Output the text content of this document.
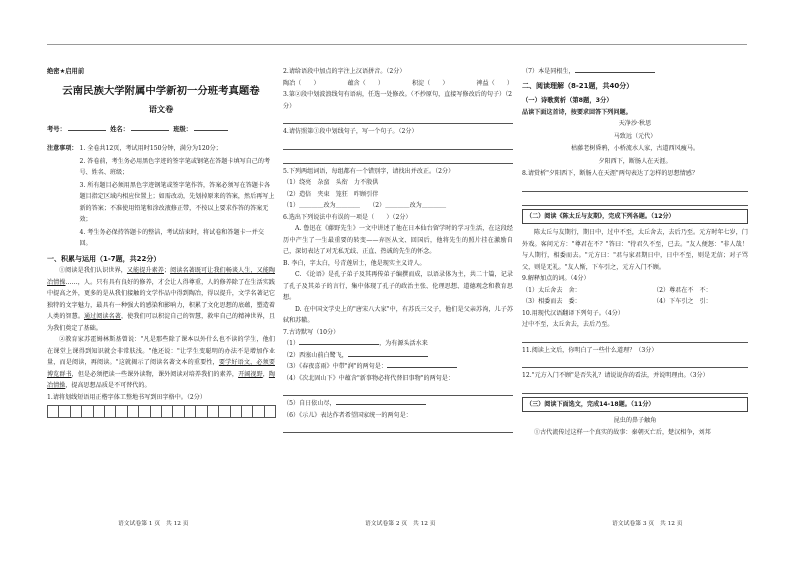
绝密★启用前
云南民族大学附属中学新初一分班考真题卷
语文卷
考号：	姓名：	班级：
注意事项： 1. 全卷共12页，考试用时150分钟，满分为120分；
2. 答卷前，考生务必用黑色字迹的签字笔或钢笔在答题卡填写自己的考号、姓名、班级；
3. 所有题目必须用黑色字迹钢笔或签字笔作答，答案必须写在答题卡各题目指定区域内相应位置上；如需改动，先划掉原来的答案，然后再写上新的答案；不准使用铅笔和涂改液修正带，不按以上要求作答的答案无效；
4. 考生务必保持答题卡的整洁，考试结束时，将试卷和答题卡一并交回。
一、积累与运用（1-7题，共22分）
①阅读是我们认识世界，又能提升素养；阅读名著既可让我们畅谈人生，又能陶冶情操……，人。只有具有良好的修养，才会让人得尊重，人的修养除了在生活实践中提高之外，更多的是从我们接触的文学作品中得到陶冶，得以提升，文学名著记它独特的文字魅力，最具有一种强大的感染和影响力，积累了文化思想的底蕴，塑造着人类的智慧。通过阅读名著，使我们可以积淀自己的智慧，救牢自己的精神世界，且为我们奠定了基础。
②教育家苏霍姆林斯基曾说："凡是那些除了课本以外什么也不读的学生，他们在课堂上课得到知识就会非常肤浅。"他还说："让学生变聪明的办法不是增加作业量，而是阅读，再阅读。"这就揭示了阅读名著文本的重要性，要学好语文，必须要博览群书，但是必须把读一些课外读物，课外阅读对培养我们的素养，开阔视野，陶冶情操，提高思想品质是不可替代的。
1.请将划线短语用正楷字体工整地书写到田字格中。（2分）
2.请给语段中加点的字注上汉语拼音。（2分）
陶冶（　　）	蕴含（　　）	积淀（　　）	裨益（　　）
3.第②段中划波浪线句有语病，任选一处修改。（不抄原句，直接写修改后的句子）（2分）
4.请仿照第①段中划线句子，写一个句子。（2分）
5.下列两组词语，每组都有一个错别字，请找出并改正。（2分）
（1）绕亮　杂蛮　头衔　力不殷供
（2）造倍　夹束　笼狂　咋顾引伴
（1）＿＿＿＿改为＿＿＿＿　　（2）＿＿＿＿改为＿＿＿＿
6.选出下列说法中有误的一项是（　　）（2分）
A. 鲁迅在《藤野先生》一文中讲述了他在日本仙台留学时的学习生活，在这段经历中产生了一生最重要的转变——弃医从文、回国后，他将先生的照片挂在激励自己，深切表达了对无私无歧、正直、热诚的先生的怀念。
B. 李白，字太白，号青莲居士，他是现实主义诗人。
C. 《论语》是孔子弟子及其再传弟子编撰而成，以语录体为主，共二十篇，记录了孔子及其弟子的言行，集中体现了孔子的政治主张、伦理思想、道德观念和教育思想。
D. 在中国文学史上的"唐宋八大家"中，有苏氏三父子，他们是父亲苏洵，儿子苏轼和苏辙。
7.古诗默写（10分）
（1）	，为有源头活水来
（2）西塞山前白鹭飞，
（3）《春夜喜雨》中带"润"的两句是：
（4）《次北固山下》中蕴含"新事物必将代替旧事物"的两句是：
（5）自日依山尽，
（6）《示儿》表达作者希望国家统一的两句是：
（7）本是同根生，
二、阅读理解（8-21题，共40分）
（一）诗歌赏析（第8题，3分）
品读下面这首诗，按要求回答下列问题。
天净沙·秋思
马致远（元代）
枯藤老树昏鸦，小桥流水人家，古道西风瘦马。
夕阳西下，断肠人在天涯。
8.请赏析"夕阳西下，断肠人在天涯"两句表达了怎样的思想情感？
（二）阅读《陈太丘与友期》，完成下列各题。（12分）
陈太丘与友期行，期日中，过中不至，太丘舍去，去后乃至。元方时年七岁，门外戏。客问元方："尊君在不？"答曰："待君久不至，已去。"友人便怒："非人哉！与人期行，相委而去。"元方曰："君与家君期日中，日中不至，则是无信；对子骂父，则是无礼。"友人惭，下车引之，元方入门不顾。
9.解释加点的词。（4分）
（1）太丘舍去　舍：	（2）尊君在不　不：
（3）相委而去　委：	（4）下车引之　引：
10.用现代汉语翻译下列句子。（4分）
过中不至，太丘舍去，去后乃至。
11.阅读上文后，你明白了一些什么道理？（3分）
12."元方入门不顾"是否失礼？请说说你的看法，并说明理由。（3分）
（三）阅读下面选文，完成14-18题。（11分）
昆虫的鼻子触角
①古代流传过这样一个真实的故事：秦朝灭亡后，楚汉相争，刘邦
语文试卷第 1 页　共 12 页	语文试卷第 2 页　共 12 页	语文试卷第 3 页　共 12 页
